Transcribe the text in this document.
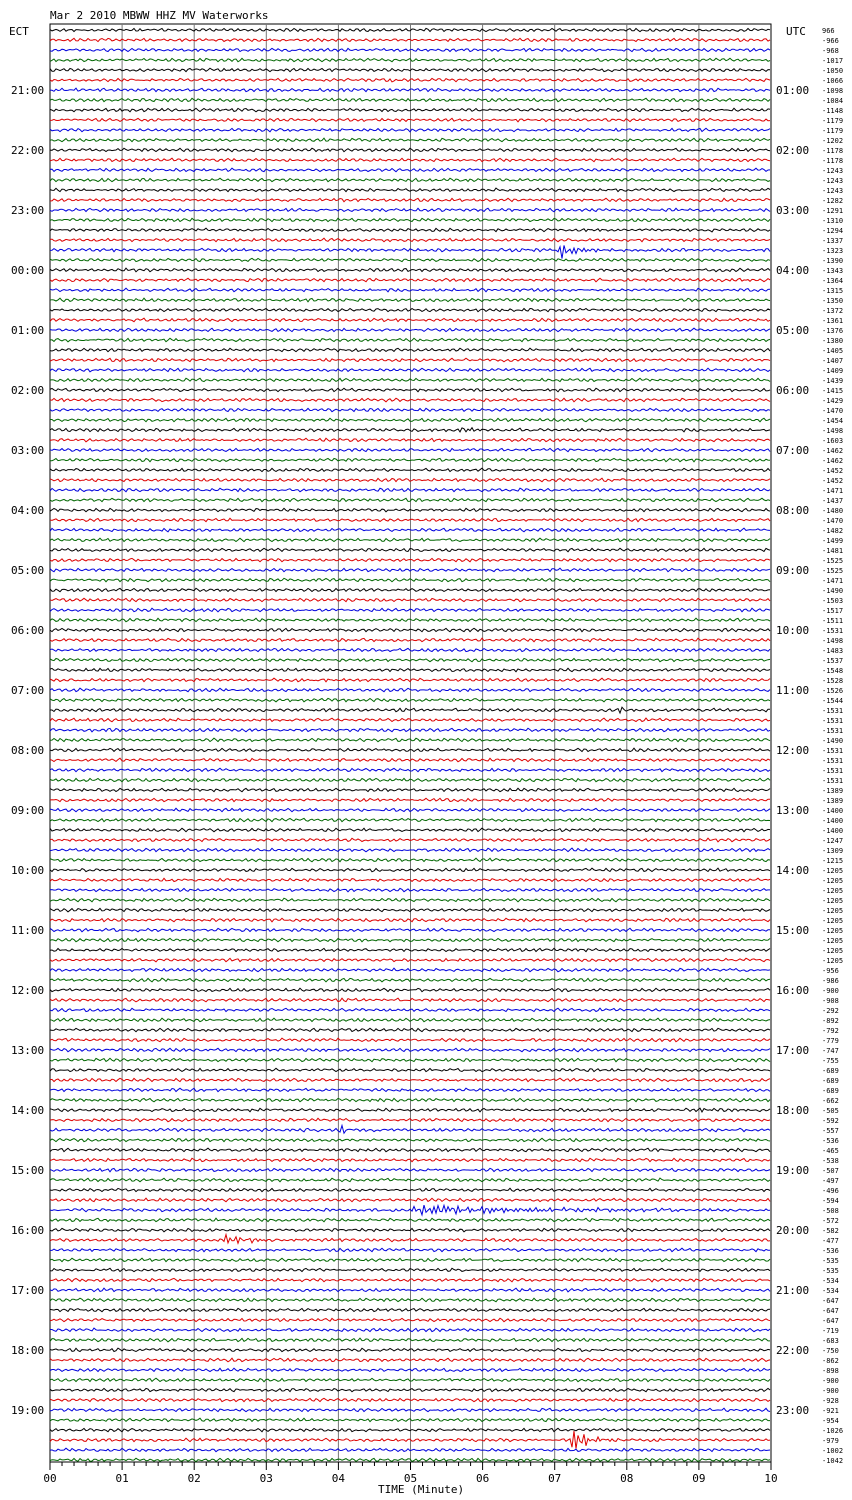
Mar 2 2010 MBWW HHZ MV Waterworks
ECT	UTC
TIME (Minute)
966
-966
-968
-1017
-1050
-1066
-1098
-1084
-1148
-1179
-1179
-1202
-1178
-1178
-1243
-1243
-1243
-1282
-1291
-1310
-1294
-1337
-1323
-1390
-1343
-1364
-1315
-1350
-1372
-1361
-1376
-1380
-1405
-1407
-1409
-1439
-1415
-1429
-1470
-1454
-1498
-1603
-1462
-1462
-1452
-1452
-1471
-1437
-1480
-1470
-1482
-1499
-1481
-1525
-1525
-1471
-1490
-1503
-1517
-1511
-1531
-1498
-1483
-1537
-1548
-1528
-1526
-1544
-1531
-1531
-1531
-1490
-1531
-1531
-1531
-1531
-1389
-1389
-1400
-1400
-1400
-1247
-1309
-1215
-1205
-1205
-1205
-1205
-1205
-1205
-1205
-1205
-1205
-1205
-956
-986
-900
-908
-292
-892
-792
-779
-747
-755
-689
-689
-689
-662
-505
-592
-557
-536
-465
-538
-507
-497
-496
-594
-508
-572
-582
-477
-536
-535
-535
-534
-534
-647
-647
-647
-719
-683
-750
-862
-898
-900
-900
-928
-921
-954
-1026
-979
-1002
-1042
21:00	01:00
22:00	02:00
23:00	03:00
00:00	04:00
01:00	05:00
02:00	06:00
03:00	07:00
04:00	08:00
05:00	09:00
06:00	10:00
07:00	11:00
08:00	12:00
09:00	13:00
10:00	14:00
11:00	15:00
12:00	16:00
13:00	17:00
14:00	18:00
15:00	19:00
16:00	20:00
17:00	21:00
18:00	22:00
19:00	23:00
00	01	02	03	04	05	06	07	08	09	10
